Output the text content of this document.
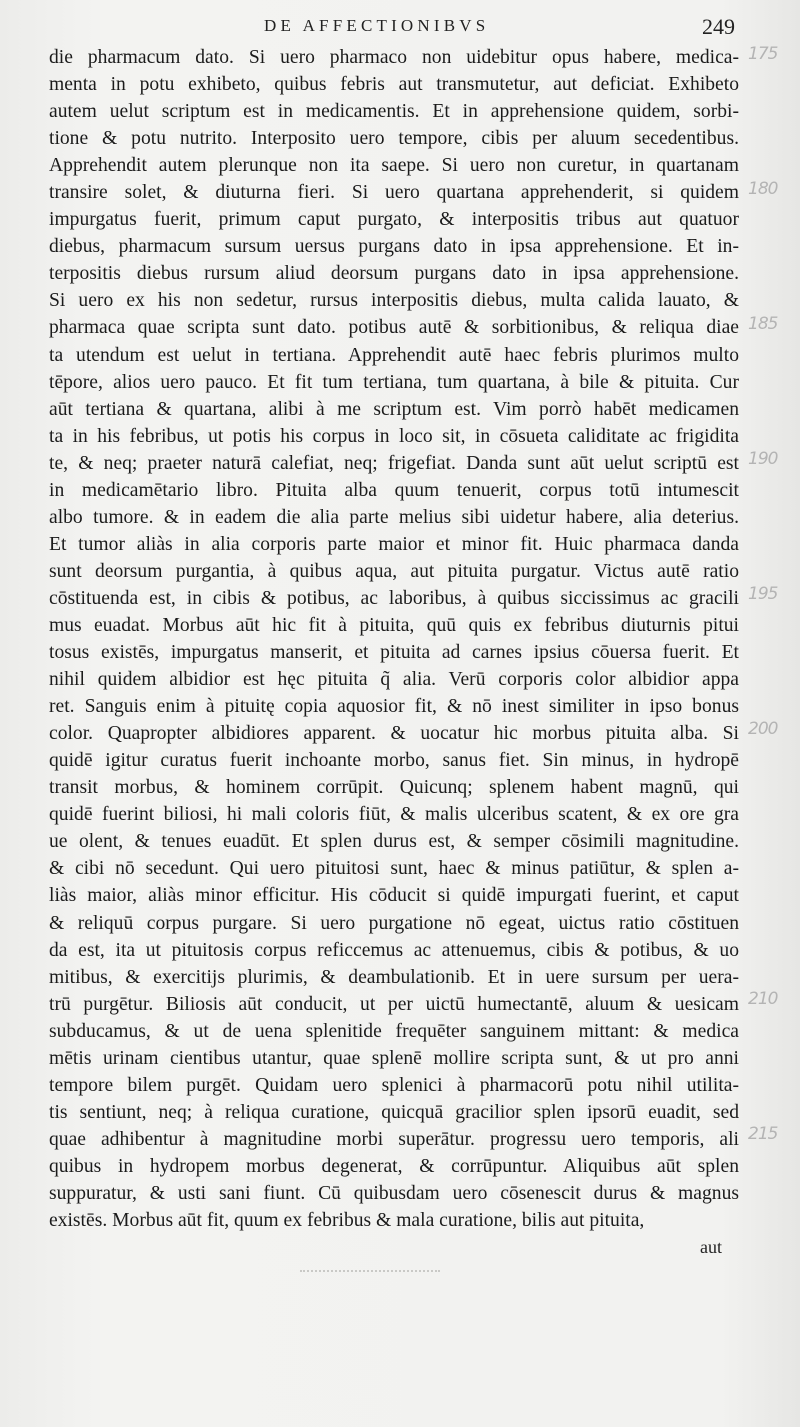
DE AFFECTIONIBVS	249
die pharmacum dato. Si uero pharmaco non uidebitur opus habere, medica-
menta in potu exhibeto, quibus febris aut transmutetur, aut deficiat. Exhibeto
autem uelut scriptum est in medicamentis. Et in apprehensione quidem, sorbi-
tione & potu nutrito. Interposito uero tempore, cibis per aluum secedentibus.
Apprehendit autem plerunque non ita saepe. Si uero non curetur, in quartanam
transire solet, & diuturna fieri. Si uero quartana apprehenderit, si quidem
impurgatus fuerit, primum caput purgato, & interpositis tribus aut quatuor
diebus, pharmacum sursum uersus purgans dato in ipsa apprehensione. Et in-
terpositis diebus rursum aliud deorsum purgans dato in ipsa apprehensione.
Si uero ex his non sedetur, rursus interpositis diebus, multa calida lauato, &
pharmaca quae scripta sunt dato. potibus autē & sorbitionibus, & reliqua diae
ta utendum est uelut in tertiana. Apprehendit autē haec febris plurimos multo
tēpore, alios uero pauco. Et fit tum tertiana, tum quartana, à bile & pituita. Cur
aūt tertiana & quartana, alibi à me scriptum est. Vim porrò habēt medicamen
ta in his febribus, ut potis his corpus in loco sit, in cōsueta caliditate ac frigidita
te, & neq; praeter naturā calefiat, neq; frigefiat. Danda sunt aūt uelut scriptū est
in medicamētario libro. Pituita alba quum tenuerit, corpus totū intumescit
albo tumore. & in eadem die alia parte melius sibi uidetur habere, alia deterius.
Et tumor aliàs in alia corporis parte maior et minor fit. Huic pharmaca danda
sunt deorsum purgantia, à quibus aqua, aut pituita purgatur. Victus autē ratio
cōstituenda est, in cibis & potibus, ac laboribus, à quibus siccissimus ac gracili
mus euadat. Morbus aūt hic fit à pituita, quū quis ex febribus diuturnis pitui
tosus existēs, impurgatus manserit, et pituita ad carnes ipsius cōuersa fuerit. Et
nihil quidem albidior est hęc pituita q̃ alia. Verū corporis color albidior appa
ret. Sanguis enim à pituitę copia aquosior fit, & nō inest similiter in ipso bonus
color. Quapropter albidiores apparent. & uocatur hic morbus pituita alba. Si
quidē igitur curatus fuerit inchoante morbo, sanus fiet. Sin minus, in hydropē
transit morbus, & hominem corrūpit. Quicunq; splenem habent magnū, qui
quidē fuerint biliosi, hi mali coloris fiūt, & malis ulceribus scatent, & ex ore gra
ue olent, & tenues euadūt. Et splen durus est, & semper cōsimili magnitudine.
& cibi nō secedunt. Qui uero pituitosi sunt, haec & minus patiūtur, & splen a-
liàs maior, aliàs minor efficitur. His cōducit si quidē impurgati fuerint, et caput
& reliquū corpus purgare. Si uero purgatione nō egeat, uictus ratio cōstituen
da est, ita ut pituitosis corpus reficcemus ac attenuemus, cibis & potibus, & uo
mitibus, & exercitijs plurimis, & deambulationib. Et in uere sursum per uera-
trū purgētur. Biliosis aūt conducit, ut per uictū humectantē, aluum & uesicam
subducamus, & ut de uena splenitide frequēter sanguinem mittant: & medica
mētis urinam cientibus utantur, quae splenē mollire scripta sunt, & ut pro anni
tempore bilem purgēt. Quidam uero splenici à pharmacorū potu nihil utilita-
tis sentiunt, neq; à reliqua curatione, quicquā gracilior splen ipsorū euadit, sed
quae adhibentur à magnitudine morbi superātur. progressu uero temporis, ali
quibus in hydropem morbus degenerat, & corrūpuntur. Aliquibus aūt splen
suppuratur, & usti sani fiunt. Cū quibusdam uero cōsenescit durus & magnus
existēs. Morbus aūt fit, quum ex febribus & mala curatione, bilis aut pituita,
175
180
185
190
195
200
210
215
aut
